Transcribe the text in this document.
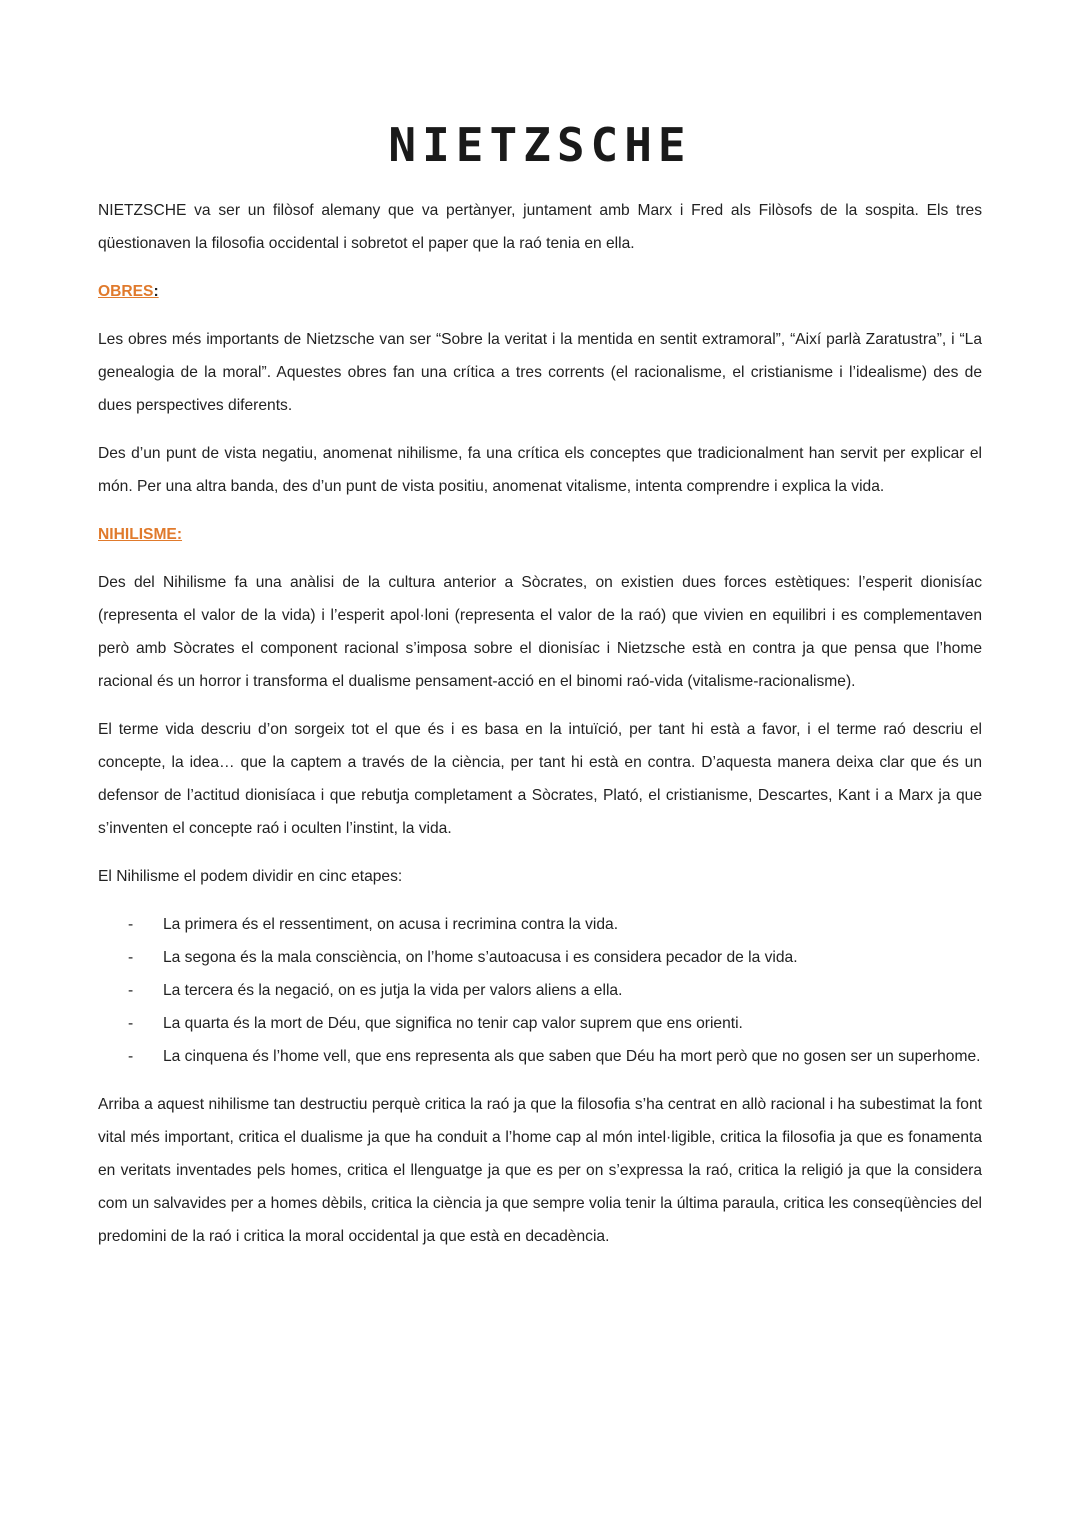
NIETZSCHE

NIETZSCHE va ser un filòsof alemany que va pertànyer, juntament amb Marx i Fred als Filòsofs de la sospita. Els tres qüestionaven la filosofia occidental i sobretot el paper que la raó tenia en ella.

OBRES:

Les obres més importants de Nietzsche van ser “Sobre la veritat i la mentida en sentit extramoral”, “Així parlà Zaratustra”, i “La genealogia de la moral”. Aquestes obres fan una crítica a tres corrents (el racionalisme, el cristianisme i l’idealisme) des de dues perspectives diferents.

Des d’un punt de vista negatiu, anomenat nihilisme, fa una crítica els conceptes que tradicionalment han servit per explicar el món. Per una altra banda, des d’un punt de vista positiu, anomenat vitalisme, intenta comprendre i explica la vida.

NIHILISME:

Des del Nihilisme fa una anàlisi de la cultura anterior a Sòcrates, on existien dues forces estètiques: l’esperit dionisíac (representa el valor de la vida) i l’esperit apol·loni (representa el valor de la raó) que vivien en equilibri i es complementaven però amb Sòcrates el component racional s’imposa sobre el dionisíac i Nietzsche està en contra ja que pensa que l’home racional és un horror i transforma el dualisme pensament-acció en el binomi raó-vida (vitalisme-racionalisme).

El terme vida descriu d’on sorgeix tot el que és i es basa en la intuïció, per tant hi està a favor, i el terme raó descriu el concepte, la idea… que la captem a través de la ciència, per tant hi està en contra. D’aquesta manera deixa clar que és un defensor de l’actitud dionisíaca i que rebutja completament a Sòcrates, Plató, el cristianisme, Descartes, Kant i a Marx ja que s’inventen el concepte raó i oculten l’instint, la vida.

El Nihilisme el podem dividir en cinc etapes:

- La primera és el ressentiment, on acusa i recrimina contra la vida.
- La segona és la mala consciència, on l’home s’autoacusa i es considera pecador de la vida.
- La tercera és la negació, on es jutja la vida per valors aliens a ella.
- La quarta és la mort de Déu, que significa no tenir cap valor suprem que ens orienti.
- La cinquena és l’home vell, que ens representa als que saben que Déu ha mort però que no gosen ser un superhome.

Arriba a aquest nihilisme tan destructiu perquè critica la raó ja que la filosofia s’ha centrat en allò racional i ha subestimat la font vital més important, critica el dualisme ja que ha conduit a l’home cap al món intel·ligible, critica la filosofia ja que es fonamenta en veritats inventades pels homes, critica el llenguatge ja que es per on s’expressa la raó, critica la religió ja que la considera com un salvavides per a homes dèbils, critica la ciència ja que sempre volia tenir la última paraula, critica les conseqüències del predomini de la raó i critica la moral occidental ja que està en decadència.
